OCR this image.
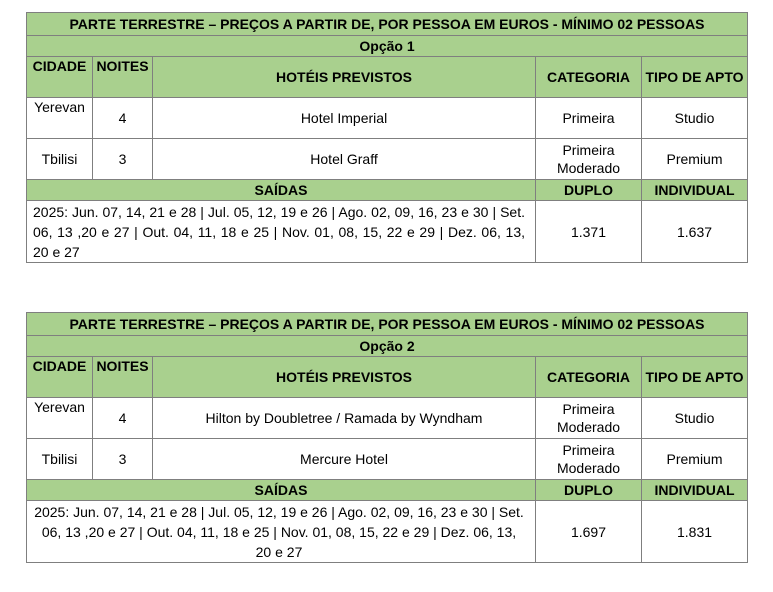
PARTE TERRESTRE – PREÇOS A PARTIR DE, POR PESSOA EM EUROS - MÍNIMO 02 PESSOAS				
Opção 1				
CIDADE	NOITES	HOTÉIS PREVISTOS	CATEGORIA	TIPO DE APTO
Yerevan	4	Hotel Imperial	Primeira	Studio
Tbilisi	3	Hotel Graff	Primeira Moderado	Premium
SAÍDAS			DUPLO	INDIVIDUAL
2025: Jun. 07, 14, 21 e 28 | Jul. 05, 12, 19 e 26 | Ago. 02, 09, 16, 23 e 30 | Set. 06, 13 ,20 e 27 | Out. 04, 11, 18 e 25 | Nov. 01, 08, 15, 22 e 29 | Dez. 06, 13, 20 e 27			1.371	1.637
PARTE TERRESTRE – PREÇOS A PARTIR DE, POR PESSOA EM EUROS - MÍNIMO 02 PESSOAS				
Opção 2				
CIDADE	NOITES	HOTÉIS PREVISTOS	CATEGORIA	TIPO DE APTO
Yerevan	4	Hilton by Doubletree / Ramada by Wyndham	Primeira Moderado	Studio
Tbilisi	3	Mercure Hotel	Primeira Moderado	Premium
SAÍDAS			DUPLO	INDIVIDUAL
2025: Jun. 07, 14, 21 e 28 | Jul. 05, 12, 19 e 26 | Ago. 02, 09, 16, 23 e 30 | Set. 06, 13 ,20 e 27 | Out. 04, 11, 18 e 25 | Nov. 01, 08, 15, 22 e 29 | Dez. 06, 13, 20 e 27			1.697	1.831
